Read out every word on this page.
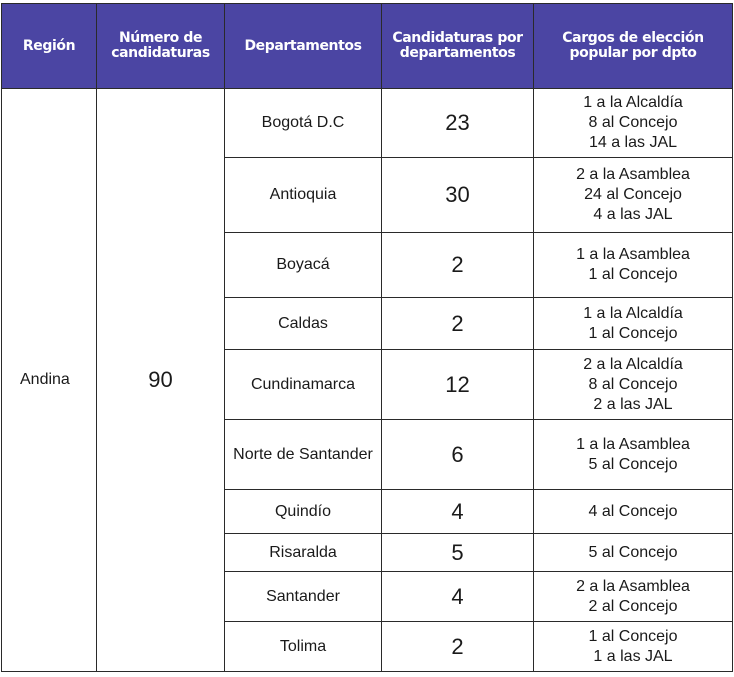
Región	Número de candidaturas	Departamentos	Candidaturas por departamentos	Cargos de elección popular por dpto
Andina	90	Bogotá D.C	23	1 a la Alcaldía
8 al Concejo
14 a las JAL

		Antioquia	30	2 a la Asamblea
24 al Concejo
4 a las JAL

		Boyacá	2	1 a la Asamblea
1 al Concejo

		Caldas	2	1 a la Alcaldía
1 al Concejo

		Cundinamarca	12	2 a la Alcaldía
8 al Concejo
2 a las JAL

		Norte de Santander	6	1 a la Asamblea
5 al Concejo

		Quindío	4	4 al Concejo

		Risaralda	5	5 al Concejo

		Santander	4	2 a la Asamblea
2 al Concejo

		Tolima	2	1 al Concejo
1 a las JAL
